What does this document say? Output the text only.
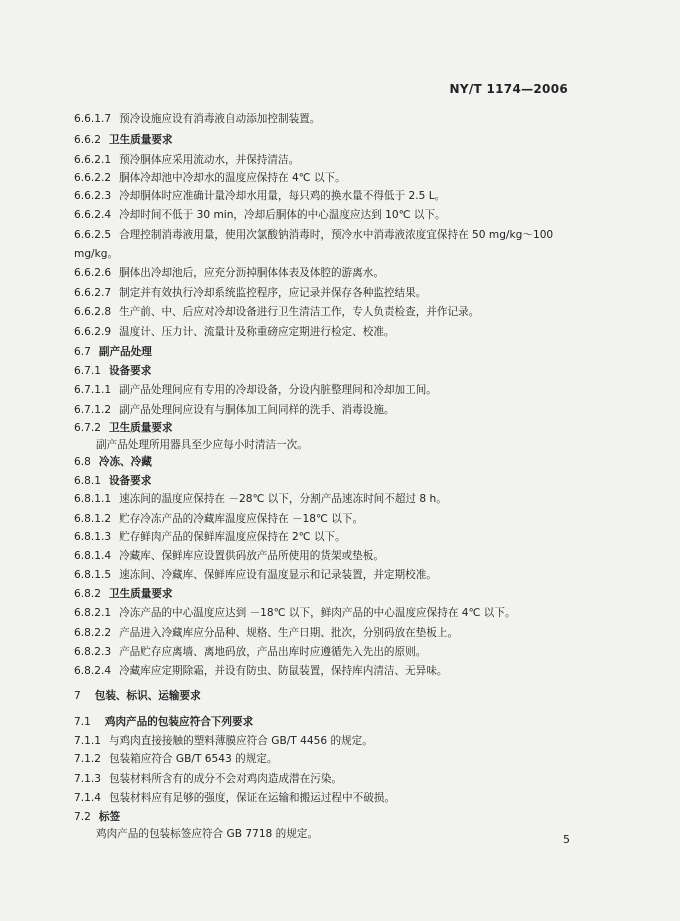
NY/T 1174—2006
6.6.1.7 预冷设施应设有消毒液自动添加控制装置。
6.6.2 卫生质量要求
6.6.2.1 预冷胴体应采用流动水，并保持清洁。
6.6.2.2 胴体冷却池中冷却水的温度应保持在 4℃ 以下。
6.6.2.3 冷却胴体时应准确计量冷却水用量，每只鸡的换水量不得低于 2.5 L。
6.6.2.4 冷却时间不低于 30 min，冷却后胴体的中心温度应达到 10℃ 以下。
6.6.2.5 合理控制消毒液用量，使用次氯酸钠消毒时，预冷水中消毒液浓度宜保持在 50 mg/kg～100
mg/kg。
6.6.2.6 胴体出冷却池后，应充分沥掉胴体体表及体腔的游离水。
6.6.2.7 制定并有效执行冷却系统监控程序，应记录并保存各种监控结果。
6.6.2.8 生产前、中、后应对冷却设备进行卫生清洁工作，专人负责检查，并作记录。
6.6.2.9 温度计、压力计、流量计及称重磅应定期进行检定、校准。
6.7 副产品处理
6.7.1 设备要求
6.7.1.1 副产品处理间应有专用的冷却设备，分设内脏整理间和冷却加工间。
6.7.1.2 副产品处理间应设有与胴体加工间同样的洗手、消毒设施。
6.7.2 卫生质量要求
副产品处理所用器具至少应每小时清洁一次。
6.8 冷冻、冷藏
6.8.1 设备要求
6.8.1.1 速冻间的温度应保持在 －28℃ 以下，分割产品速冻时间不超过 8 h。
6.8.1.2 贮存冷冻产品的冷藏库温度应保持在 －18℃ 以下。
6.8.1.3 贮存鲜肉产品的保鲜库温度应保持在 2℃ 以下。
6.8.1.4 冷藏库、保鲜库应设置供码放产品所使用的货架或垫板。
6.8.1.5 速冻间、冷藏库、保鲜库应设有温度显示和记录装置，并定期校准。
6.8.2 卫生质量要求
6.8.2.1 冷冻产品的中心温度应达到 －18℃ 以下，鲜肉产品的中心温度应保持在 4℃ 以下。
6.8.2.2 产品进入冷藏库应分品种、规格、生产日期、批次，分别码放在垫板上。
6.8.2.3 产品贮存应离墙、离地码放，产品出库时应遵循先入先出的原则。
6.8.2.4 冷藏库应定期除霜，并设有防虫、防鼠装置，保持库内清洁、无异味。
7 包装、标识、运输要求
7.1 鸡肉产品的包装应符合下列要求
7.1.1 与鸡肉直接接触的塑料薄膜应符合 GB/T 4456 的规定。
7.1.2 包装箱应符合 GB/T 6543 的规定。
7.1.3 包装材料所含有的成分不会对鸡肉造成潜在污染。
7.1.4 包装材料应有足够的强度，保证在运输和搬运过程中不破损。
7.2 标签
鸡肉产品的包装标签应符合 GB 7718 的规定。	5
